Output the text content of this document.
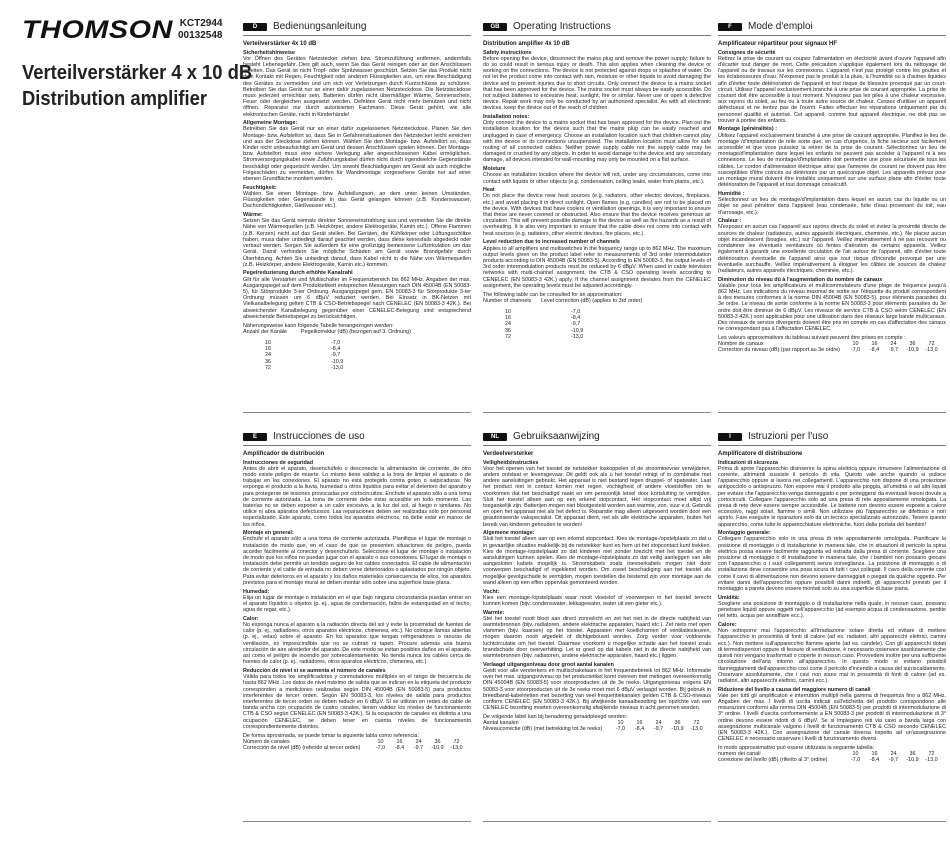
THOMSON KCT2944
00132548
Verteilverstärker 4 x 10 dB
Distribution amplifier
D	Bedienungsanleitung
Verteilverstärker 4x 10 dB
Sicherheitshinweise
Vor Öffnen des Gerätes Netzstecker ziehen bzw. Stromzuführung entfernen, andernfalls besteht Lebensgefahr. Dies gilt auch, wenn Sie das Gerät reinigen oder an den Anschlüssen arbeiten. Das Gerät ist nicht Tropf- oder Spritzwasser geschützt. Setzen Sie das Produkt nicht dem Kontakt mit Regen, Feuchtigkeit oder anderen Flüssigkeiten aus, um eine Beschädigung des Gerätes zu vermeiden und um sich vor Verletzungen durch Kurzschlüsse zu schützen. Betreiben Sie das Gerät nur an einer dafür zugelassenen Netzsteckdose. Die Netzsteckdose muss jederzeit erreichbar sein. Batterien dürfen nicht übermäßiger Wärme, Sonnenschein, Feuer oder dergleichen ausgesetzt werden. Defektes Gerät nicht mehr benutzen und nicht öffnen. Reparatur nur durch autorisierten Fachmann. Diese Gerät gehört, wie alle elektronischen Geräte, nicht in Kinderhände!
Allgemeine Montage:
Betreiben Sie das Gerät nur an einer dafür zugelassenen Netzsteckdose. Planen Sie den Montage- bzw. Aufstellort so, dass Sie in Gefahrensituationen den Netzstecker leicht erreichen und aus der Steckdose ziehen können. Wählen Sie den Montage- bzw. Aufstellort so, dass Kinder nicht unbeaufsichtigt am Gerät und dessen Anschlüssen spielen können. Der Montage- bzw. Aufstellort muss eine sichere Verlegung aller angeschlossenen Kabel ermöglichen. Stromversorgungskabel sowie Zuführungskabel dürfen nicht durch irgendwelche Gegenstände beschädigt oder gequetscht werden. Um sowohl Beschädigungen am Gerät als auch mögliche Folgeschäden zu vermeiden, dürfen für Wandmontage vorgesehene Geräte nur auf einer ebenen Grundfläche montiert werden.
Feuchtigkeit:
Wählen Sie einen Montage- bzw. Aufstellungsort, an dem unter keinen Umständen, Flüssigkeiten oder Gegenstände in das Gerät gelangen können (z.B. Kondenswasser, Dachundichtigkeiten, Gießwasser etc.).
Wärme:
Setzen Sie das Gerät niemals direkter Sonneneinstrahlung aus und vermeiden Sie die direkte Nähe von Wärmequellen (z.B. Heizkörper, andere Elektrogeräte, Kamin etc.). Offene Flammen (z.B. Kerzen) nicht auf das Gerät stellen. Bei Geräten, die Kühlkörper oder Lüftungsschlitze haben, muss daher unbedingt darauf geachtet werden, dass diese keinesfalls abgedeckt oder verbaut werden. Sorgen Sie außerdem für eine großzügig bemessene Luftzirkulation um das Gerät. Damit verhindern Sie mögliche Schäden am Gerät sowie Brandgefahr durch Überhitzung. Achten Sie unbedingt darauf, dass Kabel nicht in die Nähe von Wärmequellen (z.B. Heizkörper, andere Elektrogeräte, Kamin etc.) kommen.
Pegelreduzierung durch erhöhte Kanalzahl
Gilt für alle Verstärker und Multischalter im Frequenzbereich bis 862 MHz. Angaben der max. Ausgangspegel auf dem Produktetikett entsprechen Messungen nach DIN 45004B (EN 50083-5), für Störprodukte 3-ter Ordnung. Ausgangspegel gem. EN 50083-3 für Störprodukte 3-ter Ordnung müssen um 6 dBµV reduziert werden. Bei Einsatz in BK-Netzen mit Vielkanalbelegung gelten CTB & CSO-Betriebspegel nach CENELEC (EN 50083-3 42K.). Bei abweichender Kanalbelegung gegenüber einer CENELEC-Belegung sind entsprechend abweichende Betriebspegel zu berücksichtigen.
Näherungsweise kann folgende Tabelle herangezogen werden:
Anzahl der Kanäle	Pegelkorrektur (dB) (bezogen auf 3. Ordnung)
10	-7,0
16	-8,4
24	-9,7
36	-10,9
72	-13,0
GB	Operating Instructions
Distribution amplifier 4x 10 dB
Safety instructions
Before opening the device, disconnect the mains plug and remove the power supply; failure to do so could result in serious injury or death. This also applies when cleaning the device or working on the connections. The device is not protected against drops or splashes of water. Do not let the product come into contact with rain, moisture or other liquids to avoid damaging the device and to prevent injuries due to short circuits. Only connect the device to a mains socket that has been approved for the device. The mains socket must always be easily accessible. Do not subject batteries to excessive heat, sunlight, fire or similar. Never use or open a defective device. Repair work may only be conducted by an authorized specialist. As with all electronic devices, keep the device out of the reach of children.
Installation notes:
Only connect the device to a mains socket that has been approved for the device. Plan out the installation location for the device such that the mains plug can be easily reached and unplugged in case of emergency. Choose an installation location such that children cannot play with the device or its connections unsupervised. The installation location must allow for safe routing of all connected cables. Neither power supply cable nor the supply cable may be damaged or crushed by any objects. In order to avoid damage to the device and any secondary damage, all devices intended for wall-mounting may only be mounted on a flat surface.
Moisture
Choose an installation location where the device will not, under any circumstances, come into contact with liquids or other objects (e.g. condensation, ceiling leaks, water from plants, etc.).
Heat
Do not place the device near heat sources (e.g. radiators, other electric devices, fireplaces, etc.) and avoid placing it in direct sunlight. Open flames (e.g. candles) are not to be placed on the device. With devices that have coolers or ventilation openings, it is very important to ensure that these are never covered or obstructed. Also ensure that the device receives generous air circulation. This will prevent possible damage to the device as well as fire hazards as a result of overheating. It is also very important to ensure that the cable does not come into contact with heat sources (e.g. radiators, other electric devices, fire places, etc.).
Level reduction due to increased number of channels
Applies to all amplifiers and multiswitches in the frequency range up to 862 MHz. The maximum output levels given on the product label refer to measurements of 3rd order intermodulation products according to DIN 45004B (EN 50083-5). According to EN 50083-3, the output levels of 3rd order intermodulation products must be reduced by 6 dBµV. When used in cable television networks with multi-channel assignment, the CTB & CSO operating levels according to CENELEC (EN 50083-3 42K.) apply. If the channel assignment deviates from the CENELEC assignment, the operating levels must be adjusted accordingly.
The following table can be consulted for an approximation:
Number of channels	Level correction (dB) (applies to 3rd order)
10	-7,0
16	-8,4
24	-9,7
36	-10,9
72	-13,0
F	Mode d'emploi
Amplificateur répartiteur pour signaux HF
Consignes de sécurité
Retirez la prise de courant ou coupez l'alimentation en électricité avant d'ouvrir l'appareil afin d'écarter tout danger de mort. Cette précaution s'applique également lors du nettoyage de l'appareil ou de travaux sur les connexions. L'appareil n'est pas protégé contre les gouttes et les éclaboussures d'eau. N'exposez pas le produit à la pluie, à l'humidité ou à d'autres liquides afin d'éviter toute détérioration de l'appareil et tout risque de blessure provoqué par un court-circuit. Utilisez l'appareil exclusivement branché à une prise de courant appropriée. La prise de courant doit être accessible à tout moment. N'exposez pas les piles à une chaleur excessive, aux rayons du soleil, au feu ou à toute autre source de chaleur. Cessez d'utiliser un appareil défectueux et ne tentez pas de l'ouvrir. Faites effectuer les réparations uniquement par du personnel qualifié et autorisé. Cet appareil, comme tout appareil électrique, ne doit pas se trouver à portée des enfants.
Montage (généralités) :
Utilisez l'appareil exclusivement branché à une prise de courant appropriée. Planifiez le lieu de montage /d'implantation de telle sorte que, en cas d'urgence, la fiche secteur soit facilement accessible et que vous puissiez la retirer de la prise de courant. Sélectionnez un lieu de montage/d'implantation dans lequel les enfants ne peuvent pas accéder à l'appareil ni à ses connexions. Le lieu de montage/d'implantation doit permettre une pose sécurisée de tous les câbles. Le cordon d'alimentation électrique ainsi que l'amenée de courant ne doivent pas être susceptibles d'être coincés ou détériorés par un quelconque objet. Les appareils prévus pour un montage mural doivent être installés uniquement sur une surface plane afin d'éviter toute détérioration de l'appareil et tout dommage consécutif.
Humidité :
Sélectionnez un lieu de montage/d'implantation dans lequel en aucun cas du liquide ou un objet ne peut pénétrer dans l'appareil (eau condensée, fuite d'eau provenant du toit, eau d'arrosage, etc.).
Chaleur :
N'exposez en aucun cas l'appareil aux rayons directs du soleil et évitez la proximité directe de sources de chaleur (radiateurs, autres appareils électriques, cheminée, etc.). Ne placez aucun objet incandescent (bougies, etc.) sur l'appareil. Veillez impérativement à ne pas recouvrir ou condamner les éventuels ventilateurs ou fentes d'aération de certains appareils. Veillez également à garantir une excellente circulation de l'air autour de l'appareil, afin d'éviter toute détérioration éventuelle de l'appareil ainsi que tout risque d'incendie provoqué par une éventuelle surchauffe. Veillez impérativement à éloigner les câbles de sources de chaleur (radiateurs, autres appareils électriques, cheminée, etc.).
Diminution du niveau dû à l'augmentation du nombre de canaux
Valable pour tous les amplificateurs et multicommutateurs d'une plage de fréquence jusqu'à 862 MHz. Les indications du niveau maximal de sortie sur l'étiquette du produit correspondent à des mesures conformes à la norme DIN 45004B (EN 50083-5), pour éléments parasites du 3e ordre. Le niveau de sortie conforme à la norme EN 50083-3 pour éléments parasites du 3e ordre doit être diminué de 6 dBµV. Les niveaux de service CTB & CSO selon CENELEC (EN 50083-3 42K.) sont applicables pour une utilisation dans des réseaux large bande multicanaux. Des niveaux de service divergents doivent être pris en compte en cas d'affectation des canaux ne correspondant pas à l'affectation CENELEC.
Les valeurs approximatives du tableau suivant peuvent être prises en compte :
Nombre de canaux	10	16	24	36	72
Correction du niveau (dB) (par rapport au 3e ordre)	-7,0	-8,4	-9,7	-10,9	-13,0
E	Instrucciones de uso
Amplificador de distribución
Instrucciones de seguridad
Antes de abrir el aparato, desenchúfelo o desconecte la alimentación de corriente, de otro modo existe peligro de muerte. Lo mismo tiene validez a la hora de limpiar el aparato o de trabajar en las conexiones. El aparato no está protegido contra goteo o salpicaduras. No exponga el producto a la lluvia, humedad u otros líquidos para evitar el deterioro del aparato y para protegerse de lesiones provocadas por cortocircuitos. Enchufe el aparato sólo a una toma de corriente autorizada. La toma de corriente debe estar accesible en todo momento. Las baterías no se deben exponer a un calor excesivo, a la luz del sol, al fuego o similares. No utilice ni abra aparatos defectuosos. Las reparaciones deben ser realizadas sólo por personal especializado. Este aparato, como todos los aparatos eléctricos, no debe estar en manos de los niños.
Montaje en general:
Enchufe el aparato sólo a una toma de corriente autorizada. Planifique el lugar de montaje o instalación de modo que, en el caso de que se presenten situaciones de peligro, pueda acceder fácilmente al conector y desenchufarlo. Seleccione el lugar de montaje o instalación de modo que los niños no puedan jugar con el aparato o sus conexiones. El lugar de montaje o instalación debe permitir un tendido seguro de los cables conectados. El cable de alimentación de corriente y el cable de entrada no deben verse deteriorados o aplastados por ningún objeto. Para evitar deterioros en el aparato y los daños materiales consecuencia de ellos, los aparatos previstos para el montaje mural se deben montar sólo sobre una superficie base plana.
Humedad:
Elija un lugar de montaje o instalación en el que bajo ninguna circunstancia puedan entrar en el aparato líquidos u objetos (p. ej., agua de condensación, fallos de estanquidad en el techo, agua de regar, etc.).
Calor:
No exponga nunca el aparato a la radiación directa del sol y evite la proximidad de fuentes de calor (p. ej., radiadores, otros aparatos eléctricos, chimenea, etc.). No coloque llamas abiertas (p. ej., velas) sobre el aparato. En los aparatos que tengan refrigeradores o ranuras de ventilación, es imprescindible que no se cubran ni tapen. Procure además una buena circulación de aire alrededor del aparato. De este modo se evitan posibles daños en el aparato, así como el peligro de incendio por sobrecalentamiento. No tienda nunca los cables cerca de fuentes de calor (p. ej., radiadores, otros aparatos eléctricos, chimenea, etc.).
Reducción de nivel si se aumenta el número de canales
Válida para todos los amplificadores y conmutadores múltiples en el rango de frecuencia de hasta 862 MHz. Los datos de nivel máximo de salida que se indican en la etiqueta del producto corresponden a mediciones realizadas según DIN 45004B (EN 50083-5) para productos interferentes de tercer orden. Según EN 50083-3, los niveles de salida para productos interferentes de tercer orden se deben reducir en 6 dBµV. Si se utilizan en redes de cable de banda ancha con ocupación de cuatro canales, tienen validez los niveles de funcionamiento CTB & CSO según CENELEC (EN 50083-3 42K.). Si la ocupación de canales es distinta a una ocupación CENELEC, se deben tener en cuenta niveles de funcionamiento correspondientemente distintos.
De forma aproximada, se puede tomar la siguiente tabla como referencia:
Número de canales	10	16	24	36	72
Corrección de nivel (dB) (referido al tercer orden)	-7,0	-8,4	-9,7	-10,9	-13,0
NL	Gebruiksaanwijzing
Verdeelversterker
Veiligheidsinstructies
Voor het openen van het toestel de netstekker loskoppelen of de stroomtoevoer verwijderen, anders ontstaat er levensgevaar. Dit geldt ook als u het toestel reinigt of in combinatie met andere aansluitingen gebruikt. Het apparaat is niet bestand tegen druppel- of spatwater. Laat het product niet in contact komen met regen, vochtigheid of andere vloeistoffen om te voorkomen dat het beschadigd raakt en om persoonlijk letsel door kortsluiting te vermijden. Sluit het toestel alleen aan op een erkend stopcontact. Het stopcontact moet altijd vrij toegankelijk zijn. Batterijen mogen niet blootgesteld worden aan warmte, zon, vuur e.d. Gebruik en open het apparaat niet als het defect is. Reparatie mag alleen uitgevoerd worden door een geautoriseerde vakspecialist. Dit apparaat dient, net als alle elektrische apparaten, buiten het bereik van kinderen gehouden te worden!
Algemene montage:
Sluit het toestel alleen aan op een erkend stopcontact. Kies de montage-/opstelplaats zo dat u in gevaarlijke situaties makkelijk bij de netstekker kunt en hem uit het stopcontact kunt trekken. Kies de montage-/opstelplaats zo dat kinderen niet zonder toezicht met het toestel en de aansluitingen kunnen spelen. Kies de montage-/opstelplaats zo dat veilig aanleggen van alle aangesloten kabels mogelijk is. Stroomkabels zoals toevoerkabels mogen niet door voorwerpen beschadigd of ingeklemd worden. Om zowel beschadiging aan het toestel als mogelijke gevolgschade te vermijden, mogen toestellen die bestemd zijn voor montage aan de wand alleen op een effen oppervlak gemonteerd worden.
Vocht:
Kies een montage-/opstelplaats waar nooit vloeistof of voorwerpen in het toestel terecht kunnen komen (bijv. condenswater, lekkagewater, water uit een gieter etc.).
Warmte:
Stel het toestel nooit bloot aan direct zonnelicht en zet het niet in de directe nabijheid van warmtebronnen (bijv. radiatoren, andere elektrische apparaten, haard etc.). Zet niets met open vlammen (bijv. kaarsen) op het toestel. Apparaten met koellichamen of ventilatiesleuven, mogen daarom nooit afgedekt of dichtgebouwd worden. Zorg verder voor voldoende luchtcirculatie om het toestel. Daarmee voorkomt u mogelijke schade aan het toestel zoals brandschade door oververhitting. Let er goed op dat kabels niet in de directe nabijheid van warmtebronnen (bijv. radiatoren, andere elektrische apparaten, haard etc.) liggen.
Verlaagd uitgangsniveau door groot aantal kanalen
Geldt voor alle versterkers en multischakelaars in het frequentiebereik tot 862 MHz. Informatie over het max. uitgangsniveau op het productetiket komt overeen met metingen overeenkomstig DIN 45004B (EN 50083-5) voor stoorproducten uit de 3e reeks. Uitgangsniveau volgens EN 50083-3 voor stoorproducten uit de 3e reeks moet met 6 dBµV verlaagd worden. Bij gebruik in breedband-kabelnetten met bezetting van veel frequentiekanalen gelden CTB & CSO-niveaus conform CENELEC (EN 50083-3 42K.). Bij afwijkende kanaalbezetting ten opzichte van een CENELEC-bezetting moeten overeenkomstig afwijkende niveaus in acht genomen worden.
De volgende tabel kan bij benadering geraadpleegd worden:
Aantal kanalen	10	16	24	36	72
Niveaucorrectie (dB) (met betrekking tot 3e reeks)	-7,0	-8,4	-9,7	-10,9	-13,0
I	Istruzioni per l'uso
Amplificatore di distribuzione
Indicazioni di sicurezza
Prima di aprire l'apparecchio disinserire la spina elettrica oppure rimuovere l'alimentazione di corrente, altrimenti sussiste il pericolo di vita. Questo vale anche quando si pulisce l'apparecchio oppure si lavora nei collegamenti. L'apparecchio non dispone di una protezione antigocciolo o antispruzzo. Non esporre mai il prodotto alla pioggia, all'umidità o ad altri liquidi per evitare che l'apparecchio venga danneggiato e per proteggersi da eventuali lesioni dovute a cortocircuiti. Collegare l'apparecchio solo ad una presa di rete appositamente omologata. La presa di rete deve essere sempre accessibile. Le batterie non devono essere esposte a calore eccessivo, raggi solari, fiamme o simili. Non utilizzare più l'apparecchio se difettoso e non aprirlo. Fare eseguire le riparazioni solo da un tecnico specializzato autorizzato. Tenere questo apparecchio, come tutte le apparecchiature elettroniche, fuori dalla portata dei bambini!
Montaggio generale:
Collegare l'apparecchio solo in una presa di rete appositamente omologata. Pianificare la posizione di montaggio o di installazione in maniera tale, che in situazioni di pericolo la spina elettrica possa essere facilmente raggiunta ed estratta dalla presa di corrente. Scegliere una posizione di montaggio o di installazione in maniera tale, che i bambini non possano giocare con l'apparecchio o i suoi collegamenti senza sorveglianza. La posizione di montaggio o di installazione deve consentire una posa sicura di tutti i cavi collegati. Il cavo della corrente così come il cavo di alimentazione non devono essere danneggiati o piegati da qualche oggetto. Per evitare danni dell'apparecchio oppure possibili danni indiretti, gli apparecchi previsti per il montaggio a parete devono essere montati solo su una superficie di base piana.
Umidità:
Scegliere una posizione di montaggio o di installazione nella quale, in nessun caso, possano penetrare liquidi oppure oggetti nell'apparecchio (ad esempio acqua di condensazione, perdite nel tetto, acqua per annaffiare ecc.).
Calore:
Non sottoporre mai l'apparecchio all'irradiazione solare diretta ed evitare di mettere l'apparecchio in prossimità di fonti di calore (ad es. radiatori, altri apparecchi elettrici, camini ecc.). Non mettere sull'apparecchio fiamme aperte (ad es. candele). Con gli apparecchi dotati di termodispersori oppure di fessure di ventilazione, è necessario osservare assolutamente che questi non vengano trasformati o coperte in nessun caso. Provvedere inoltre per una sufficiente circolazione dell'aria intorno all'apparecchio. In questo modo si evitano possibili danneggiamenti dell'apparecchio così come il pericolo d'incendio a causa del surriscaldamento. Osservare assolutamente, che i cavi non siano mai in prossimità di fonti di calore (ad es. radiatori, altri apparecchi elettrici, camini ecc.).
Riduzione del livello a causa del maggiore numero di canali
Vale per tutti gli amplificatori e interruttori multipli nella gamma di frequenza fino a 862 MHz. Angaben der max. I livelli di uscita indicati sull'etichetta del prodotto corrispondono alle misurazioni conformi alla norma DIN 45004B (EN 50083-5) per prodotti di intermodulazione di 3° ordine. I livelli d'uscita conformemente a EN 50083-3 per prodotti di intermodulazione di 3° ordine devono essere ridotti di 6 dBµV. Se si impiegano reti via cavo a banda larga con assegnazione multicanale valgono i livelli di funzionamento CTB & CSO secondo CENELEC (EN 50083-3 42K.). Con assegnazione del canale diversa rispetto ad un'assegnazione CENELEC è necessario osservare i livelli di funzionamento diversi.
In modo approssimativo può essere utilizzata la seguente tabella:
numero dei canali	10	16	24	36	72
correzione del livello (dB) (riferito al 3° ordine)	-7,0	-8,4	-9,7	-10,9	-13,0
